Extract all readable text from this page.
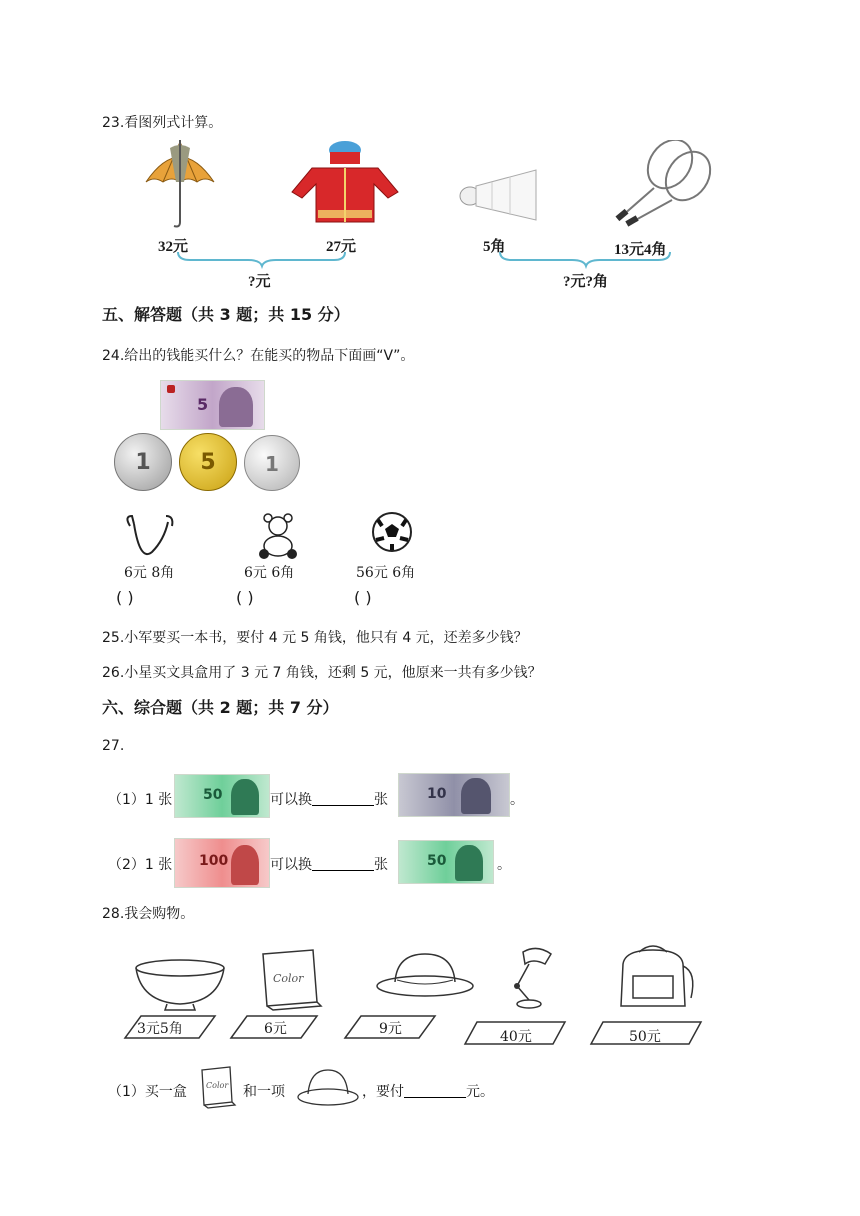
23.看图列式计算。
32元	27元
?元
5角	13元4角
?元?角
五、解答题（共 3 题；共 15 分）
24.给出的钱能买什么？在能买的物品下面画“V”。
5
1	5	1
6元 8角	6元 6角	56元 6角
( )	( )	( )
25.小军要买一本书，要付 4 元 5 角钱，他只有 4 元，还差多少钱？
26.小星买文具盒用了 3 元 7 角钱，还剩 5 元，他原来一共有多少钱？
六、综合题（共 2 题；共 7 分）
27.
（1）1 张 50	可以换	张	10	。
（2）1 张 100	可以换	张	50	。
28.我会购物。
Color
3元5角	6元	9元	40元	50元
（1）买一盒 Color 和一项	，要付	元。
